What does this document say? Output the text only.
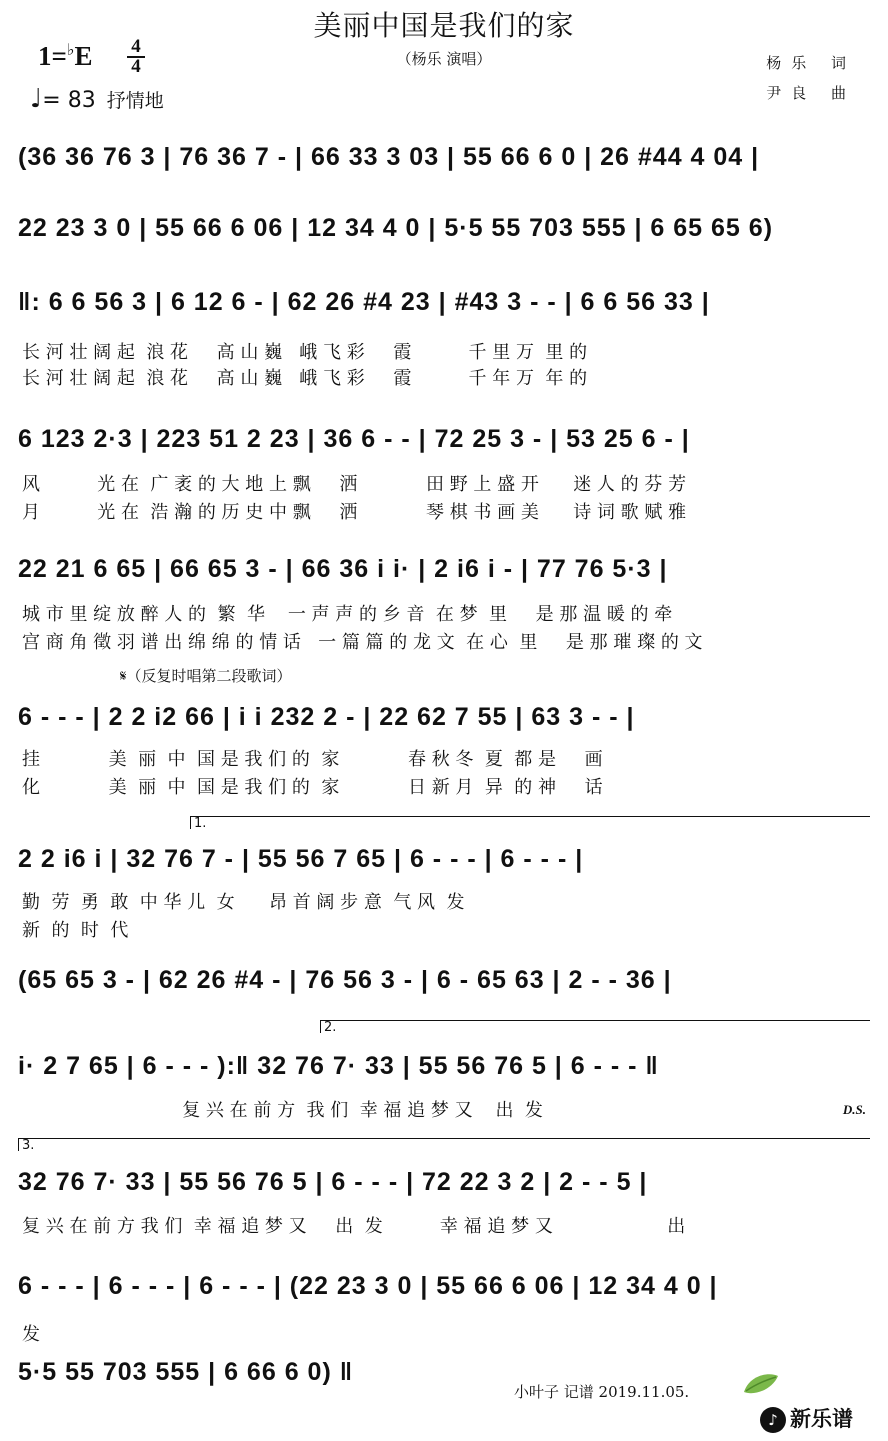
美丽中国是我们的家
（杨乐 演唱）	杨乐 词
尹良 曲
1=♭E 4
4
♩= 83 抒情地
(36 36 76 3 | 76 36 7 - | 66 33 3 03 | 55 66 6 0 | 26 #44 4 04 |
22 23 3 0 | 55 66 6 06 | 12 34 4 0 | 5·5 55 703 555 | 6 65 65 6)
‖: 6 6 56 3 | 6 12 6 - | 62 26 #4 23 | #43 3 - - | 6 6 56 33 |
长 河 壮 阔 起  浪 花     高 山 巍   峨 飞 彩     霞          千 里 万  里 的
长 河 壮 阔 起  浪 花     高 山 巍   峨 飞 彩     霞          千 年 万  年 的
6 123 2·3 | 223 51 2 23 | 36 6 - - | 72 25 3 - | 53 25 6 - |
风          光 在  广 袤 的 大 地 上 飘     洒            田 野 上 盛 开      迷 人 的 芬 芳
月          光 在  浩 瀚 的 历 史 中 飘     洒            琴 棋 书 画 美      诗 词 歌 赋 雅
22 21 6 65 | 66 65 3 - | 66 36 i i· | 2 i6 i - | 77 76 5·3 |
城 市 里 绽 放 醉 人 的  繁  华    一 声 声 的 乡 音  在 梦  里     是 那 温 暖 的 牵
宫 商 角 徵 羽 谱 出 绵 绵 的 情 话   一 篇 篇 的 龙 文  在 心  里     是 那 璀 璨 的 文
𝄋（反复时唱第二段歌词）
6 - - - | 2 2 i2 66 | i i 232 2 - | 22 62 7 55 | 63 3 - - |
挂            美  丽  中  国 是 我 们 的  家            春 秋 冬  夏  都 是     画
化            美  丽  中  国 是 我 们 的  家            日 新 月  异  的 神     话
1.
2 2 i6 i | 32 76 7 - | 55 56 7 65 | 6 - - - | 6 - - - |
勤  劳  勇  敢  中 华 儿  女      昂 首 阔 步 意  气 风  发
新  的  时  代
(65 65 3 - | 62 26 #4 - | 76 56 3 - | 6 - 65 63 | 2 - - 36 |
2.
i· 2 7 65 | 6 - - - ):‖ 32 76 7· 33 | 55 56 76 5 | 6 - - - ‖
复 兴 在 前 方  我 们  幸 福 追 梦 又    出  发	D.S.
3.
32 76 7· 33 | 55 56 76 5 | 6 - - - | 72 22 3 2 | 2 - - 5 |
复 兴 在 前 方 我 们  幸 福 追 梦 又     出  发          幸 福 追 梦 又                    出
6 - - - | 6 - - - | 6 - - - | (22 23 3 0 | 55 66 6 06 | 12 34 4 0 |
发
5·5 55 703 555 | 6 66 6 0) ‖
小叶子 记谱 2019.11.05.
♪ 新乐谱
